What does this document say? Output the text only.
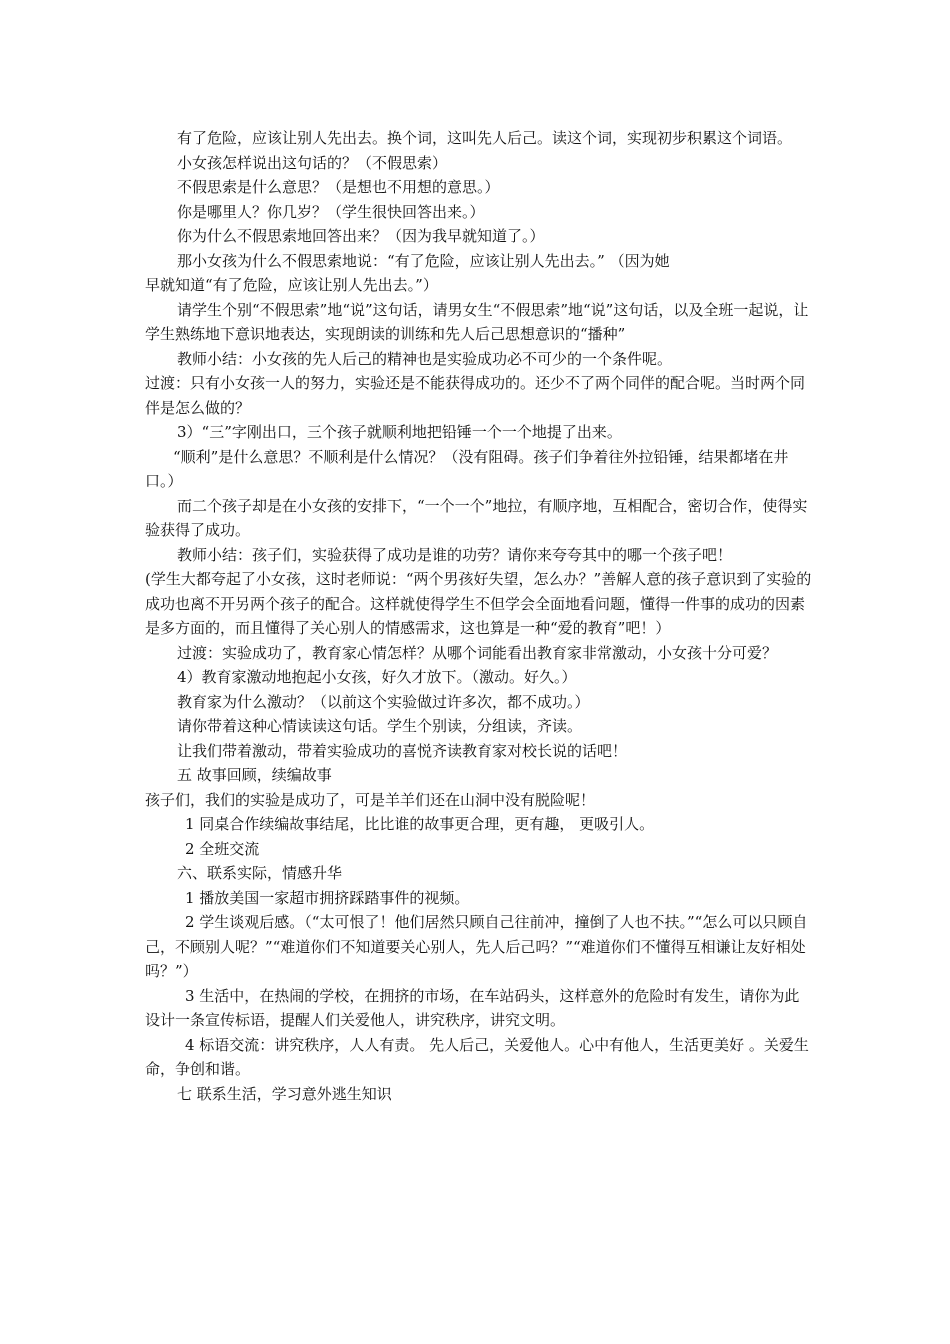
有了危险，应该让别人先出去。换个词，这叫先人后己。读这个词，实现初步积累这个词语。

小女孩怎样说出这句话的？（不假思索）

不假思索是什么意思？（是想也不用想的意思。）

你是哪里人？你几岁？（学生很快回答出来。）

你为什么不假思索地回答出来？（因为我早就知道了。）

那小女孩为什么不假思索地说：“有了危险，应该让别人先出去。” （因为她

早就知道“有了危险，应该让别人先出去。”）

请学生个别“不假思索”地“说”这句话，请男女生“不假思索”地“说”这句话，以及全班一起说，让学生熟练地下意识地表达，实现朗读的训练和先人后己思想意识的“播种”

教师小结：小女孩的先人后己的精神也是实验成功必不可少的一个条件呢。

过渡：只有小女孩一人的努力，实验还是不能获得成功的。还少不了两个同伴的配合呢。当时两个同伴是怎么做的？

3）“三”字刚出口，三个孩子就顺利地把铅锤一个一个地提了出来。

“顺利”是什么意思？不顺利是什么情况？（没有阻碍。孩子们争着往外拉铅锤，结果都堵在井口。）

而二个孩子却是在小女孩的安排下，“一个一个”地拉，有顺序地，互相配合，密切合作，使得实验获得了成功。

教师小结：孩子们，实验获得了成功是谁的功劳？请你来夸夸其中的哪一个孩子吧！

(学生大都夸起了小女孩，这时老师说：“两个男孩好失望，怎么办？”善解人意的孩子意识到了实验的成功也离不开另两个孩子的配合。这样就使得学生不但学会全面地看问题，懂得一件事的成功的因素是多方面的，而且懂得了关心别人的情感需求，这也算是一种“爱的教育”吧！）

过渡：实验成功了，教育家心情怎样？从哪个词能看出教育家非常激动，小女孩十分可爱？

4）教育家激动地抱起小女孩，好久才放下。（激动。好久。）

教育家为什么激动？（以前这个实验做过许多次，都不成功。）

请你带着这种心情读读这句话。学生个别读，分组读，齐读。

让我们带着激动，带着实验成功的喜悦齐读教育家对校长说的话吧！

五 故事回顾，续编故事

孩子们，我们的实验是成功了，可是羊羊们还在山洞中没有脱险呢！

1 同桌合作续编故事结尾，比比谁的故事更合理，更有趣， 更吸引人。

2 全班交流

六、联系实际，情感升华

1 播放美国一家超市拥挤踩踏事件的视频。

2 学生谈观后感。（“太可恨了！他们居然只顾自己往前冲，撞倒了人也不扶。”“怎么可以只顾自己，不顾别人呢？”“难道你们不知道要关心别人，先人后己吗？”“难道你们不懂得互相谦让友好相处吗？”）

3 生活中，在热闹的学校，在拥挤的市场，在车站码头，这样意外的危险时有发生，请你为此设计一条宣传标语，提醒人们关爱他人，讲究秩序，讲究文明。

4 标语交流：讲究秩序，人人有责。 先人后己，关爱他人。心中有他人，生活更美好 。关爱生命，争创和谐。

七 联系生活，学习意外逃生知识
